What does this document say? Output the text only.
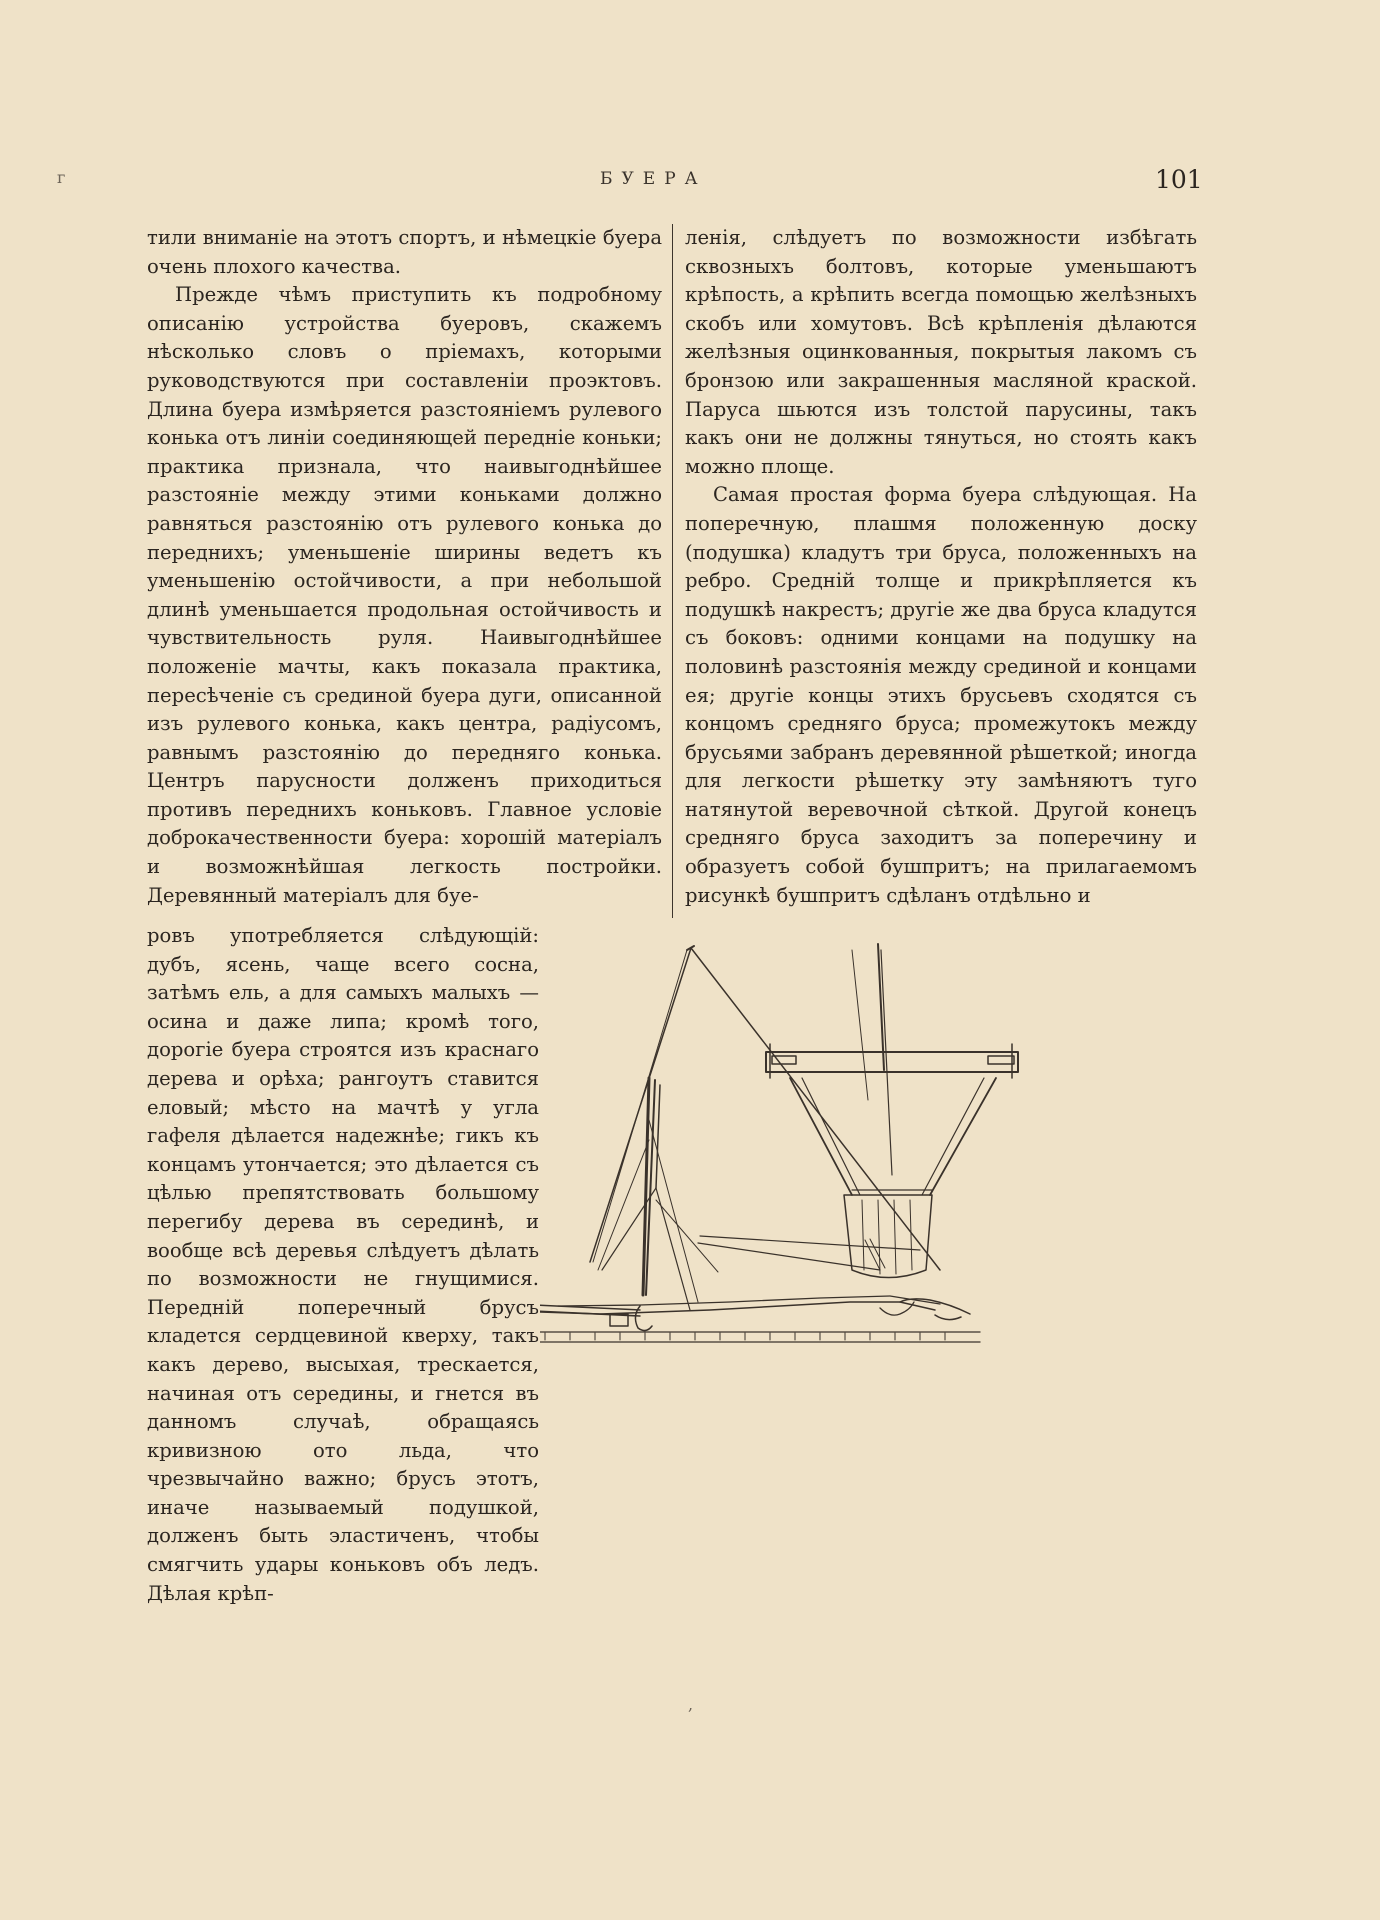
г	БУЕРА	101

тили вниманіе на этотъ спортъ, и нѣмецкіе буера очень плохого качества.

Прежде чѣмъ приступить къ подробному описанію устройства буеровъ, скажемъ нѣсколько словъ о пріемахъ, которыми руководствуются при составленіи проэктовъ. Длина буера измѣряется разстояніемъ рулевого конька отъ линіи соединяющей передніе коньки; практика признала, что наивыгоднѣйшее разстояніе между этими коньками должно равняться разстоянію отъ рулевого конька до переднихъ; уменьшеніе ширины ведетъ къ уменьшенію остойчивости, а при небольшой длинѣ уменьшается продольная остойчивость и чувствительность руля. Наивыгоднѣйшее положеніе мачты, какъ показала практика, пересѣченіе съ срединой буера дуги, описанной изъ рулевого конька, какъ центра, радіусомъ, равнымъ разстоянію до передняго конька. Центръ парусности долженъ приходиться противъ переднихъ коньковъ. Главное условіе доброкачественности буера: хорошій матеріалъ и возможнѣйшая легкость постройки. Деревянный матеріалъ для буе-

ровъ употребляется слѣдующій: дубъ, ясень, чаще всего сосна, затѣмъ ель, а для самыхъ малыхъ — осина и даже липа; кромѣ того, дорогіе буера строятся изъ краснаго дерева и орѣха; рангоутъ ставится еловый; мѣсто на мачтѣ у угла гафеля дѣлается надежнѣе; гикъ къ концамъ утончается; это дѣлается съ цѣлью препятствовать большому перегибу дерева въ серединѣ, и вообще всѣ деревья слѣдуетъ дѣлать по возможности не гнущимися. Передній поперечный брусъ кладется сердцевиной кверху, такъ какъ дерево, высыхая, трескается, начиная отъ середины, и гнется въ данномъ случаѣ, обращаясь кривизною ото льда, что чрезвычайно важно; брусъ этотъ, иначе называемый подушкой, долженъ быть эластиченъ, чтобы смягчить удары коньковъ объ ледъ. Дѣлая крѣп-

ленія, слѣдуетъ по возможности избѣгать сквозныхъ болтовъ, которые уменьшаютъ крѣпость, а крѣпить всегда помощью желѣзныхъ скобъ или хомутовъ. Всѣ крѣпленія дѣлаются желѣзныя оцинкованныя, покрытыя лакомъ съ бронзою или закрашенныя масляной краской. Паруса шьются изъ толстой парусины, такъ какъ они не должны тянуться, но стоять какъ можно площе.

Самая простая форма буера слѣдующая. На поперечную, плашмя положенную доску (подушка) кладутъ три бруса, положенныхъ на ребро. Средній толще и прикрѣпляется къ подушкѣ накрестъ; другіе же два бруса кладутся съ боковъ: одними концами на подушку на половинѣ разстоянія между срединой и концами ея; другіе концы этихъ брусьевъ сходятся съ концомъ средняго бруса; промежутокъ между брусьями забранъ деревянной рѣшеткой; иногда для легкости рѣшетку эту замѣняютъ туго натянутой веревочной сѣткой. Другой конецъ средняго бруса заходитъ за поперечину и образуетъ собой бушпритъ; на прилагаемомъ рисункѣ бушпритъ сдѣланъ отдѣльно и

,
